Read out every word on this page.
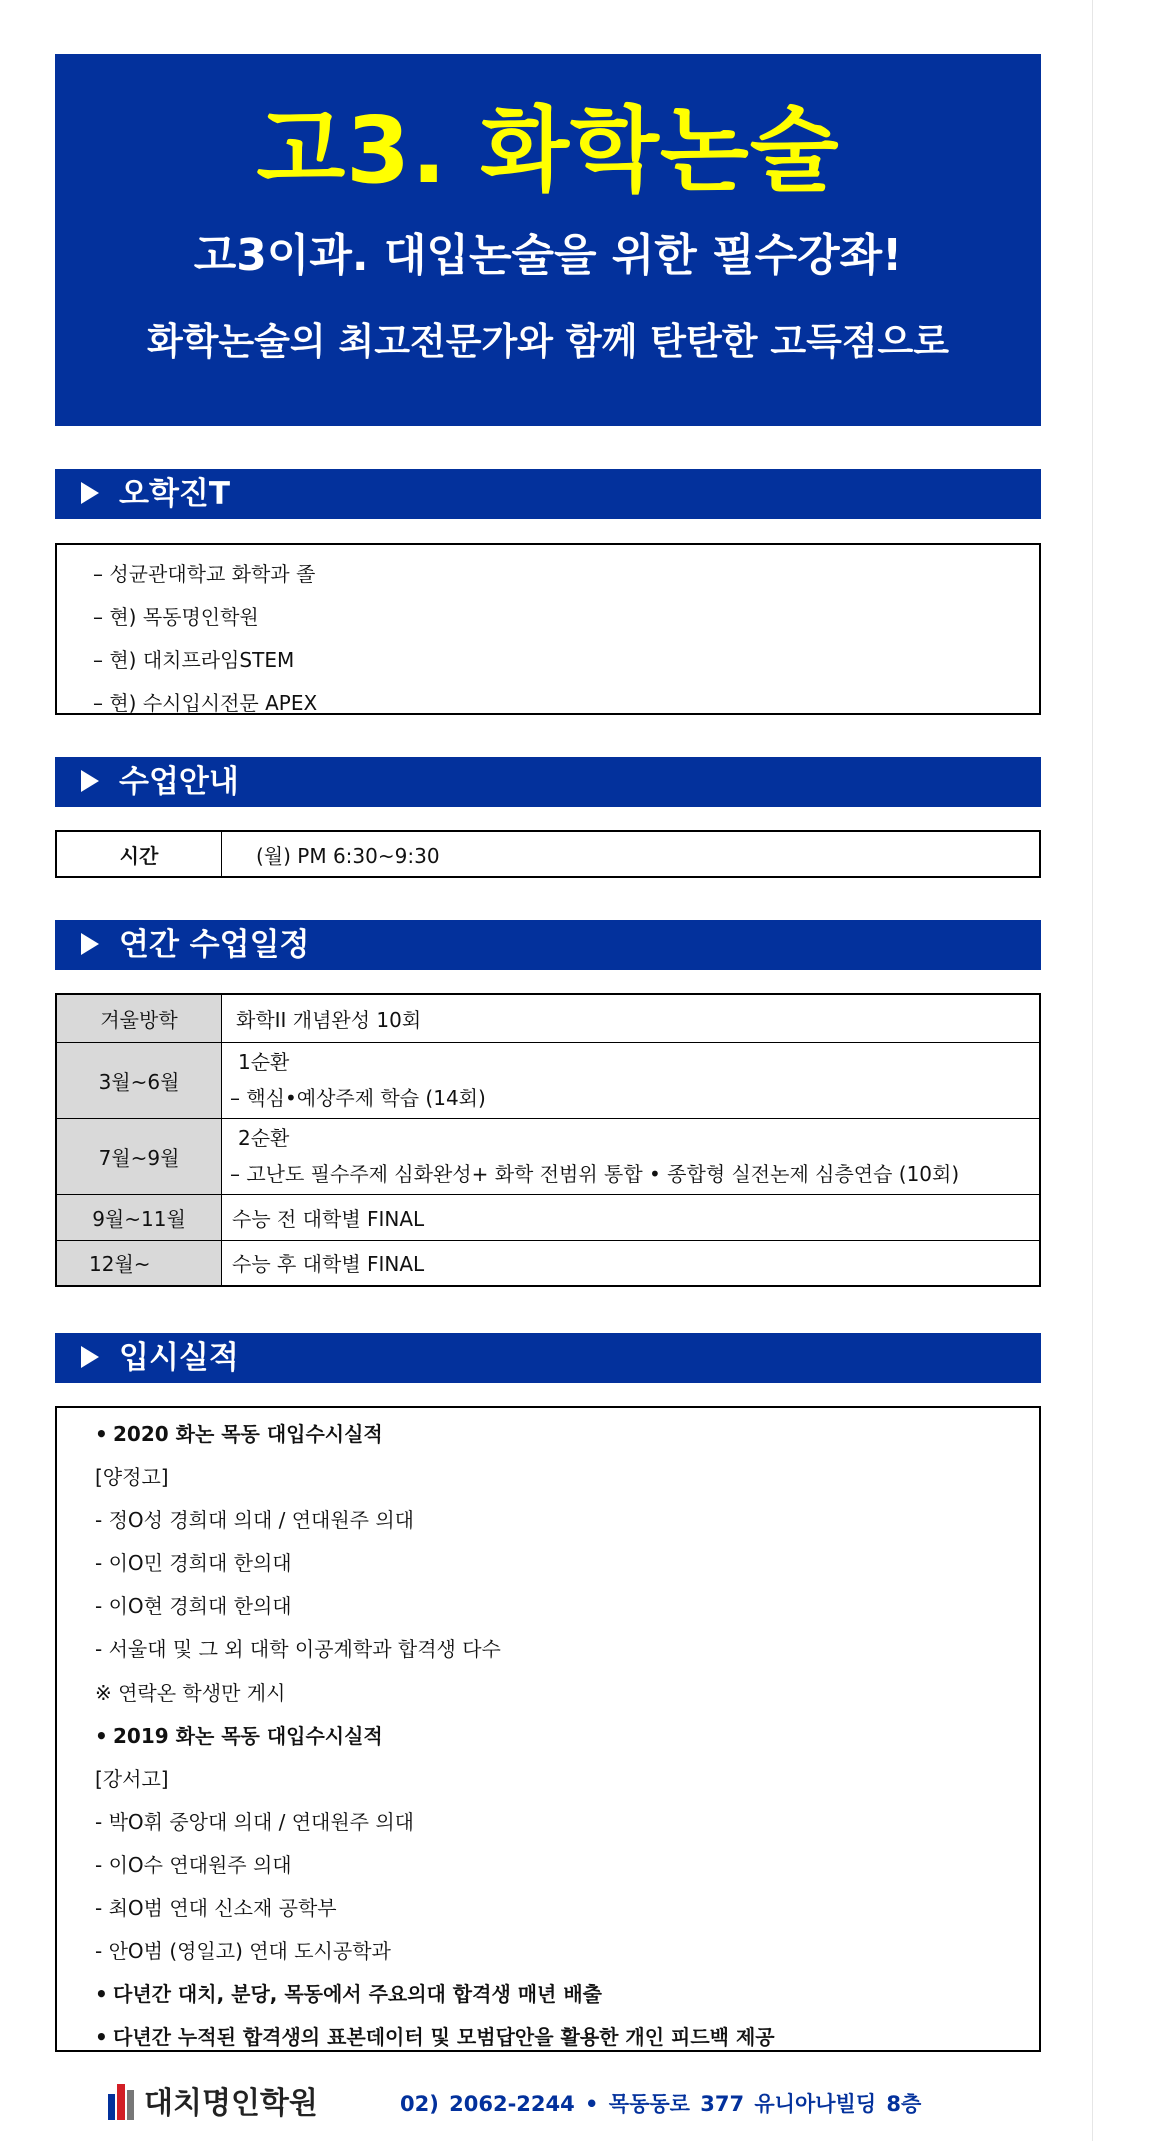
고3. 화학논술
고3이과. 대입논술을 위한 필수강좌!
화학논술의 최고전문가와 함께 탄탄한 고득점으로
오학진T
– 성균관대학교 화학과 졸
– 현) 목동명인학원
– 현) 대치프라임STEM
– 현) 수시입시전문 APEX
수업안내
시간	(월) PM 6:30~9:30
연간 수업일정
겨울방학	화학II 개념완성 10회
3월~6월	1순환
– 핵심•예상주제 학습 (14회)

7월~9월	2순환
– 고난도 필수주제 심화완성+ 화학 전범위 통합 • 종합형 실전논제 심층연습 (10회)

9월~11월	수능 전 대학별 FINAL
12월~	수능 후 대학별 FINAL
입시실적
• 2020 화논 목동 대입수시실적
[양정고]
- 정O성 경희대 의대 / 연대원주 의대
- 이O민 경희대 한의대
- 이O현 경희대 한의대
- 서울대 및 그 외 대학 이공계학과 합격생 다수
※ 연락온 학생만 게시
• 2019 화논 목동 대입수시실적
[강서고]
- 박O휘 중앙대 의대 / 연대원주 의대
- 이O수 연대원주 의대
- 최O범 연대 신소재 공학부
- 안O범 (영일고) 연대 도시공학과
• 다년간 대치, 분당, 목동에서 주요의대 합격생 매년 배출
• 다년간 누적된 합격생의 표본데이터 및 모범답안을 활용한 개인 피드백 제공
대치명인학원	02) 2062-2244 • 목동동로 377 유니아나빌딩 8층
